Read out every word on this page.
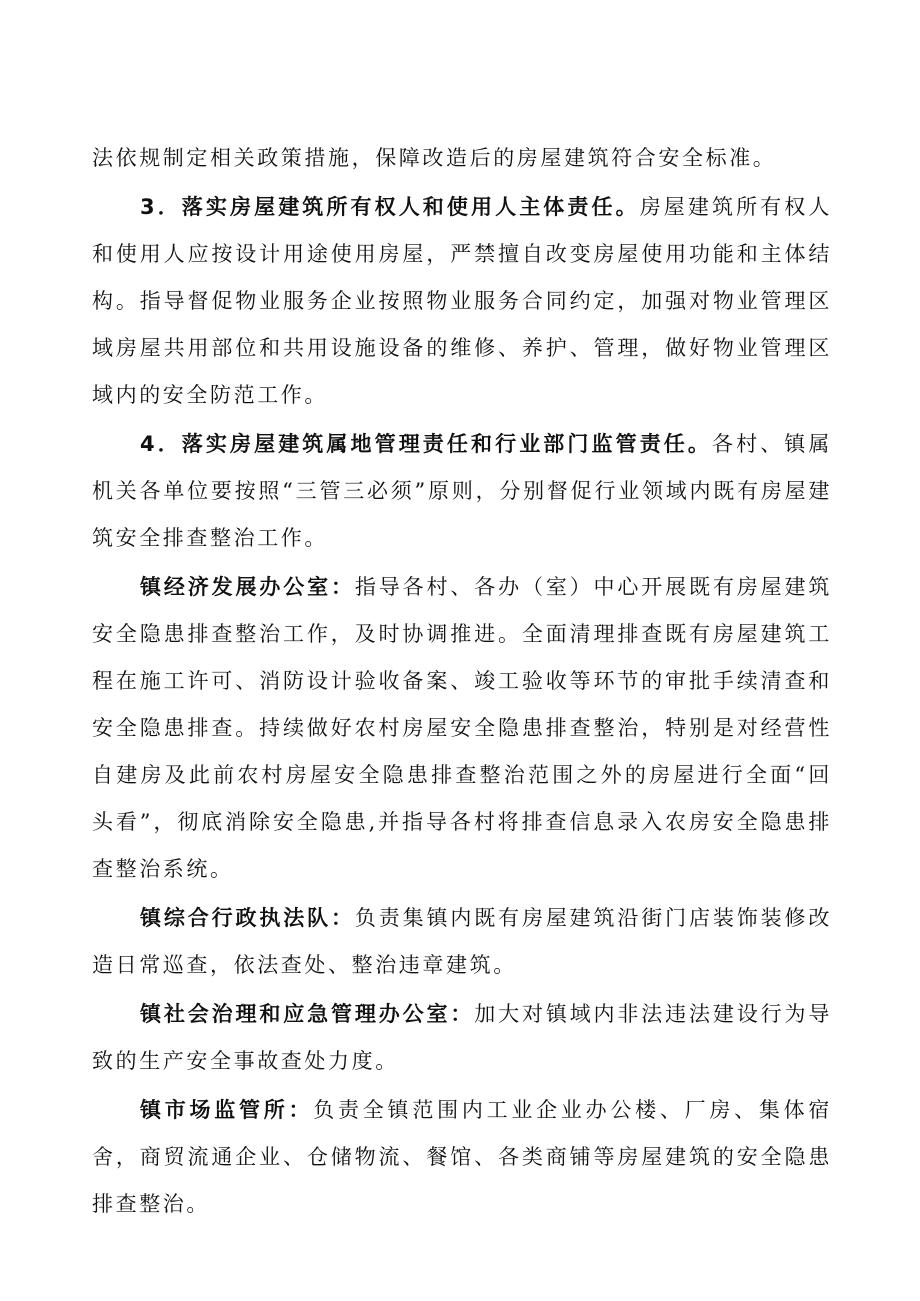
法依规制定相关政策措施，保障改造后的房屋建筑符合安全标准。

3．落实房屋建筑所有权人和使用人主体责任。房屋建筑所有权人和使用人应按设计用途使用房屋，严禁擅自改变房屋使用功能和主体结构。指导督促物业服务企业按照物业服务合同约定，加强对物业管理区域房屋共用部位和共用设施设备的维修、养护、管理，做好物业管理区域内的安全防范工作。

4．落实房屋建筑属地管理责任和行业部门监管责任。各村、镇属机关各单位要按照“三管三必须”原则，分别督促行业领域内既有房屋建筑安全排查整治工作。

镇经济发展办公室：指导各村、各办（室）中心开展既有房屋建筑安全隐患排查整治工作，及时协调推进。全面清理排查既有房屋建筑工程在施工许可、消防设计验收备案、竣工验收等环节的审批手续清查和安全隐患排查。持续做好农村房屋安全隐患排查整治，特别是对经营性自建房及此前农村房屋安全隐患排查整治范围之外的房屋进行全面“回头看”，彻底消除安全隐患,并指导各村将排查信息录入农房安全隐患排查整治系统。

镇综合行政执法队：负责集镇内既有房屋建筑沿街门店装饰装修改造日常巡查，依法查处、整治违章建筑。

镇社会治理和应急管理办公室：加大对镇域内非法违法建设行为导致的生产安全事故查处力度。

镇市场监管所：负责全镇范围内工业企业办公楼、厂房、集体宿舍，商贸流通企业、仓储物流、餐馆、各类商铺等房屋建筑的安全隐患排查整治。
